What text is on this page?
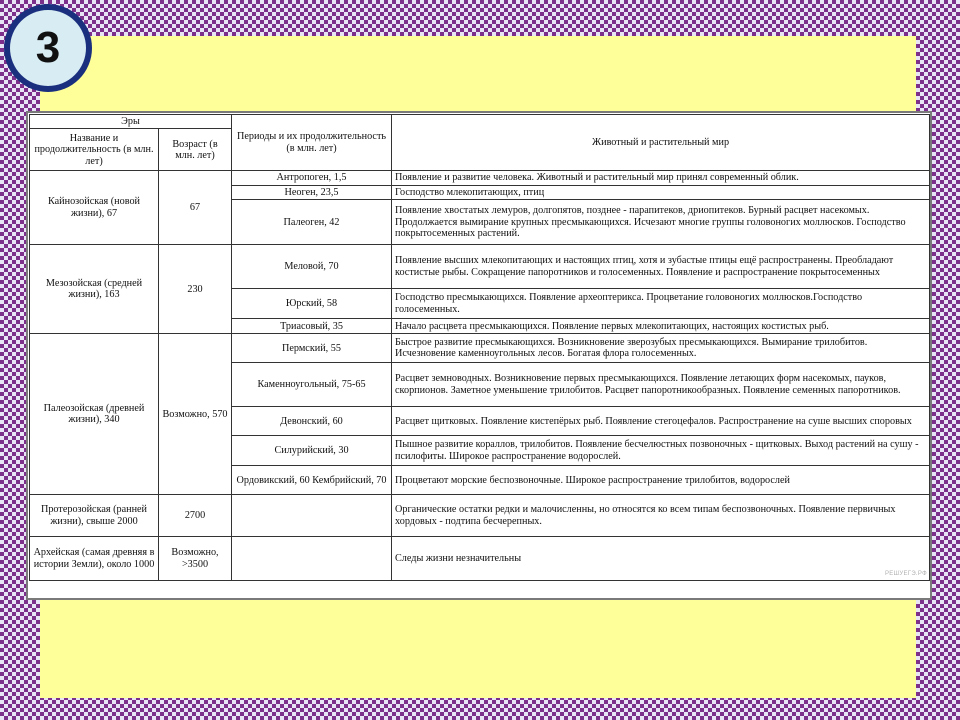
3
Эры		Периоды и их продолжительность (в млн. лет)	Животный и растительный мир
Название и продолжительность (в млн. лет)	Возраст (в млн. лет)		
Кайнозойская (новой жизни), 67	67	Антропоген, 1,5	Появление и развитие человека. Животный и растительный мир принял современный облик.
		Неоген, 23,5	Господство млекопитающих, птиц
		Палеоген, 42	Появление хвостатых лемуров, долгопятов, позднее - парапитеков, дриопитеков. Бурный расцвет насекомых. Продолжается вымирание крупных пресмыкающихся. Исчезают многие группы головоногих моллюсков. Господство покрытосеменных растений.
Мезозойская (средней жизни), 163	230	Меловой, 70	Появление высших млекопитающих и настоящих птиц, хотя и зубастые птицы ещё распространены. Преобладают костистые рыбы. Сокращение папоротников и голосеменных. Появление и распространение покрытосеменных
		Юрский, 58	Господство пресмыкающихся. Появление археоптерикса. Процветание головоногих моллюсков.Господство голосеменных.
		Триасовый, 35	Начало расцвета пресмыкающихся. Появление первых млекопитающих, настоящих костистых рыб.
Палеозойская (древней жизни), 340	Возможно, 570	Пермский, 55	Быстрое развитие пресмыкающихся. Возникновение зверозубых пресмыкающихся. Вымирание трилобитов. Исчезновение каменноугольных лесов. Богатая флора голосеменных.
		Каменноугольный, 75-65	Расцвет земноводных. Возникновение первых пресмыкающихся. Появление летающих форм насекомых, пауков, скорпионов. Заметное уменьшение трилобитов. Расцвет папоротникообразных. Появление семенных папоротников.
		Девонский, 60	Расцвет щитковых. Появление кистепёрых рыб. Появление стегоцефалов. Распространение на суше высших споровых
		Силурийский, 30	Пышное развитие кораллов, трилобитов. Появление бесчелюстных позвоночных - щитковых. Выход растений на сушу - псилофиты. Широкое распространение водорослей.
		Ордовикский, 60 Кембрийский, 70	Процветают морские беспозвоночные. Широкое распространение трилобитов, водорослей
Протерозойская (ранней жизни), свыше 2000	2700		Органические остатки редки и малочисленны, но относятся ко всем типам беспозвоночных. Появление первичных хордовых - подтипа бесчерепных.
Архейская (самая древняя в истории Земли), около 1000	Возможно, >3500		Следы жизни незначительны
РЕШУЕГЭ.РФ
